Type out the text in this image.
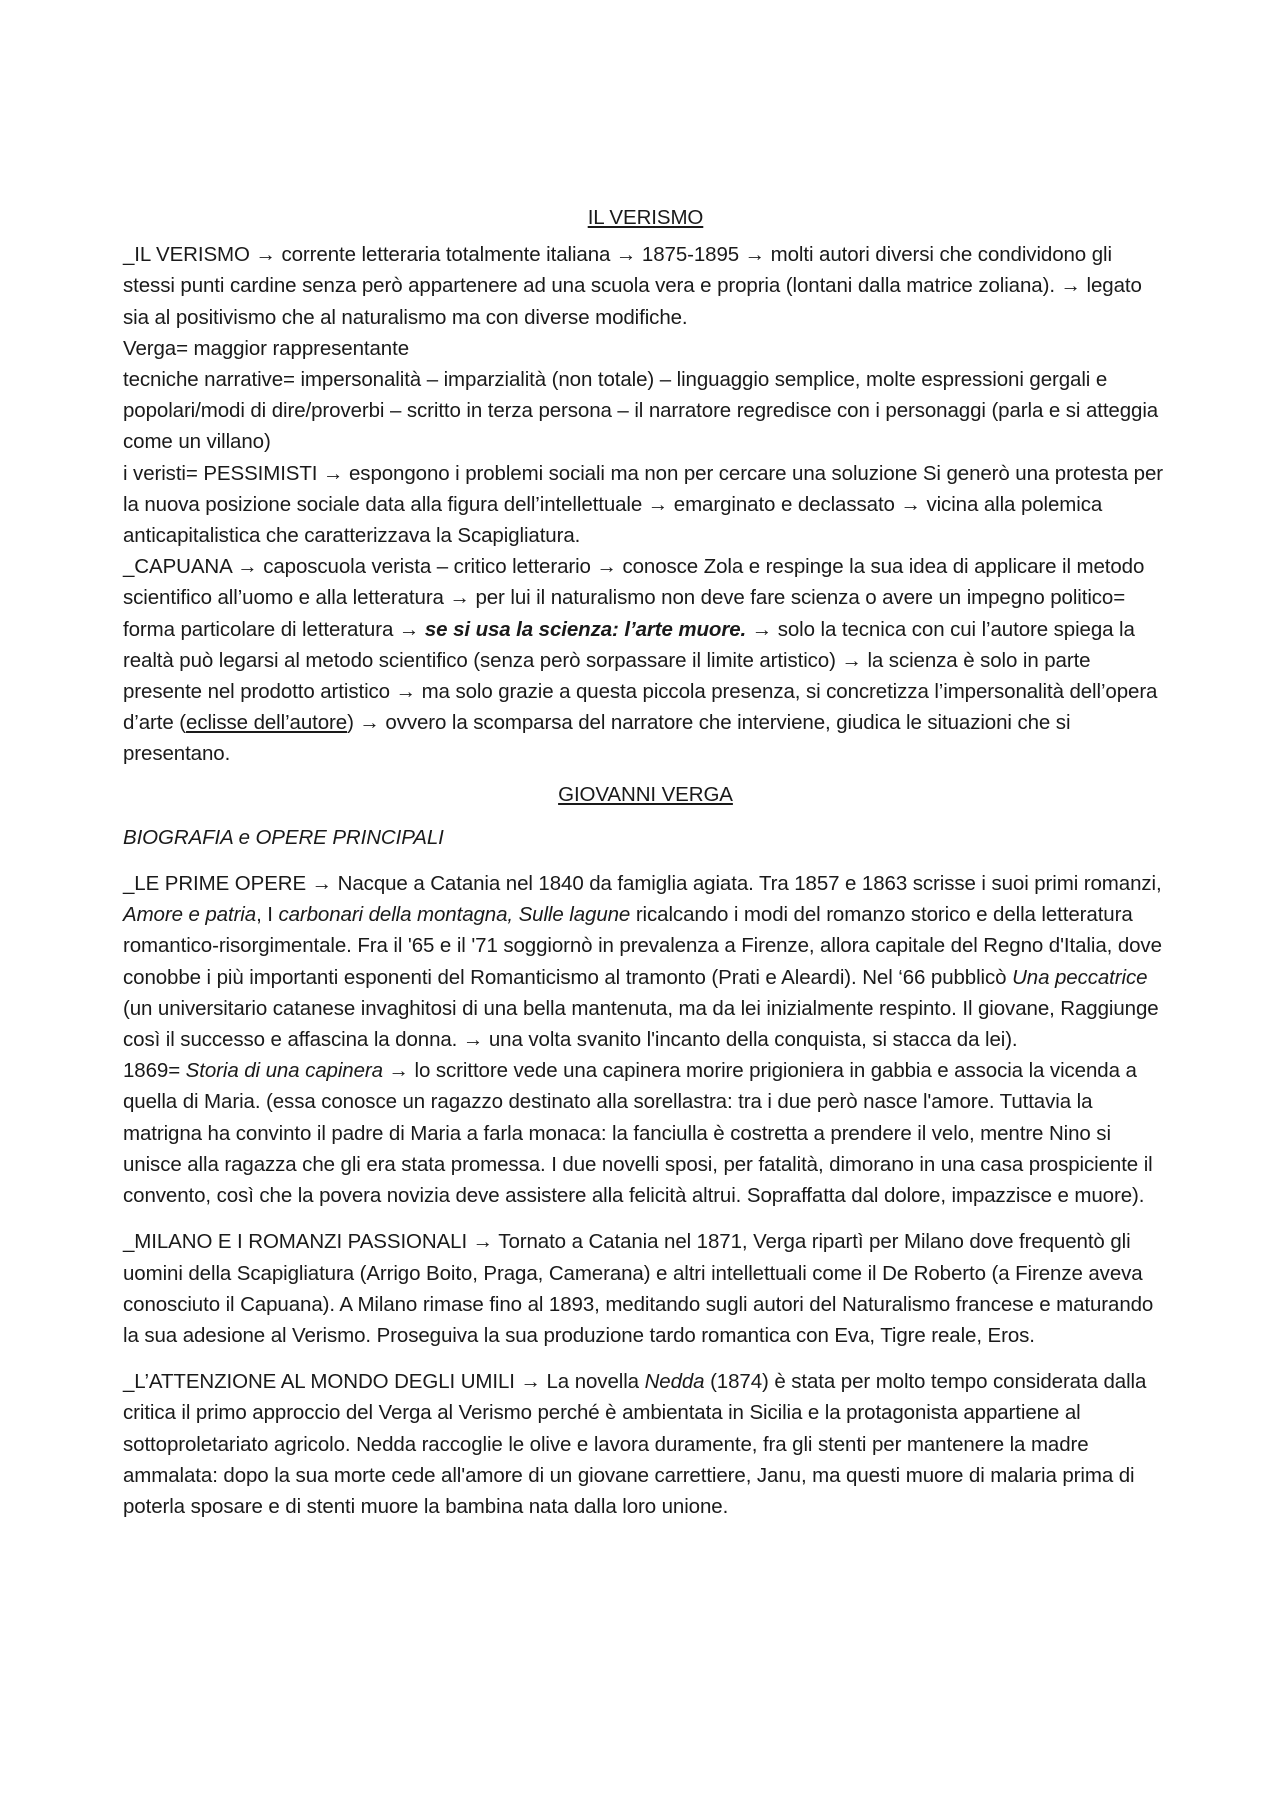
IL VERISMO

_IL VERISMO → corrente letteraria totalmente italiana → 1875-1895 → molti autori diversi che condividono gli stessi punti cardine senza però appartenere ad una scuola vera e propria (lontani dalla matrice zoliana). → legato sia al positivismo che al naturalismo ma con diverse modifiche.

Verga= maggior rappresentante

tecniche narrative= impersonalità – imparzialità (non totale) – linguaggio semplice, molte espressioni gergali e popolari/modi di dire/proverbi – scritto in terza persona – il narratore regredisce con i personaggi (parla e si atteggia come un villano)

i veristi= PESSIMISTI → espongono i problemi sociali ma non per cercare una soluzione Si generò una protesta per la nuova posizione sociale data alla figura dell’intellettuale → emarginato e declassato → vicina alla polemica anticapitalistica che caratterizzava la Scapigliatura.

_CAPUANA → caposcuola verista – critico letterario → conosce Zola e respinge la sua idea di applicare il metodo scientifico all’uomo e alla letteratura → per lui il naturalismo non deve fare scienza o avere un impegno politico= forma particolare di letteratura → se si usa la scienza: l’arte muore. → solo la tecnica con cui l’autore spiega la realtà può legarsi al metodo scientifico (senza però sorpassare il limite artistico) → la scienza è solo in parte presente nel prodotto artistico → ma solo grazie a questa piccola presenza, si concretizza l’impersonalità dell’opera d’arte (eclisse dell’autore) → ovvero la scomparsa del narratore che interviene, giudica le situazioni che si presentano.

GIOVANNI VERGA

BIOGRAFIA e OPERE PRINCIPALI

_LE PRIME OPERE → Nacque a Catania nel 1840 da famiglia agiata. Tra 1857 e 1863 scrisse i suoi primi romanzi, Amore e patria, I carbonari della montagna, Sulle lagune ricalcando i modi del romanzo storico e della letteratura romantico-risorgimentale. Fra il '65 e il '71 soggiornò in prevalenza a Firenze, allora capitale del Regno d'Italia, dove conobbe i più importanti esponenti del Romanticismo al tramonto (Prati e Aleardi). Nel ‘66 pubblicò Una peccatrice (un universitario catanese invaghitosi di una bella mantenuta, ma da lei inizialmente respinto. Il giovane, Raggiunge così il successo e affascina la donna. → una volta svanito l'incanto della conquista, si stacca da lei).

1869= Storia di una capinera → lo scrittore vede una capinera morire prigioniera in gabbia e associa la vicenda a quella di Maria. (essa conosce un ragazzo destinato alla sorellastra: tra i due però nasce l'amore. Tuttavia la matrigna ha convinto il padre di Maria a farla monaca: la fanciulla è costretta a prendere il velo, mentre Nino si unisce alla ragazza che gli era stata promessa. I due novelli sposi, per fatalità, dimorano in una casa prospiciente il convento, così che la povera novizia deve assistere alla felicità altrui. Sopraffatta dal dolore, impazzisce e muore).

_MILANO E I ROMANZI PASSIONALI → Tornato a Catania nel 1871, Verga ripartì per Milano dove frequentò gli uomini della Scapigliatura (Arrigo Boito, Praga, Camerana) e altri intellettuali come il De Roberto (a Firenze aveva conosciuto il Capuana). A Milano rimase fino al 1893, meditando sugli autori del Naturalismo francese e maturando la sua adesione al Verismo. Proseguiva la sua produzione tardo romantica con Eva, Tigre reale, Eros.

_L’ATTENZIONE AL MONDO DEGLI UMILI → La novella Nedda (1874) è stata per molto tempo considerata dalla critica il primo approccio del Verga al Verismo perché è ambientata in Sicilia e la protagonista appartiene al sottoproletariato agricolo. Nedda raccoglie le olive e lavora duramente, fra gli stenti per mantenere la madre ammalata: dopo la sua morte cede all'amore di un giovane carrettiere, Janu, ma questi muore di malaria prima di poterla sposare e di stenti muore la bambina nata dalla loro unione.
